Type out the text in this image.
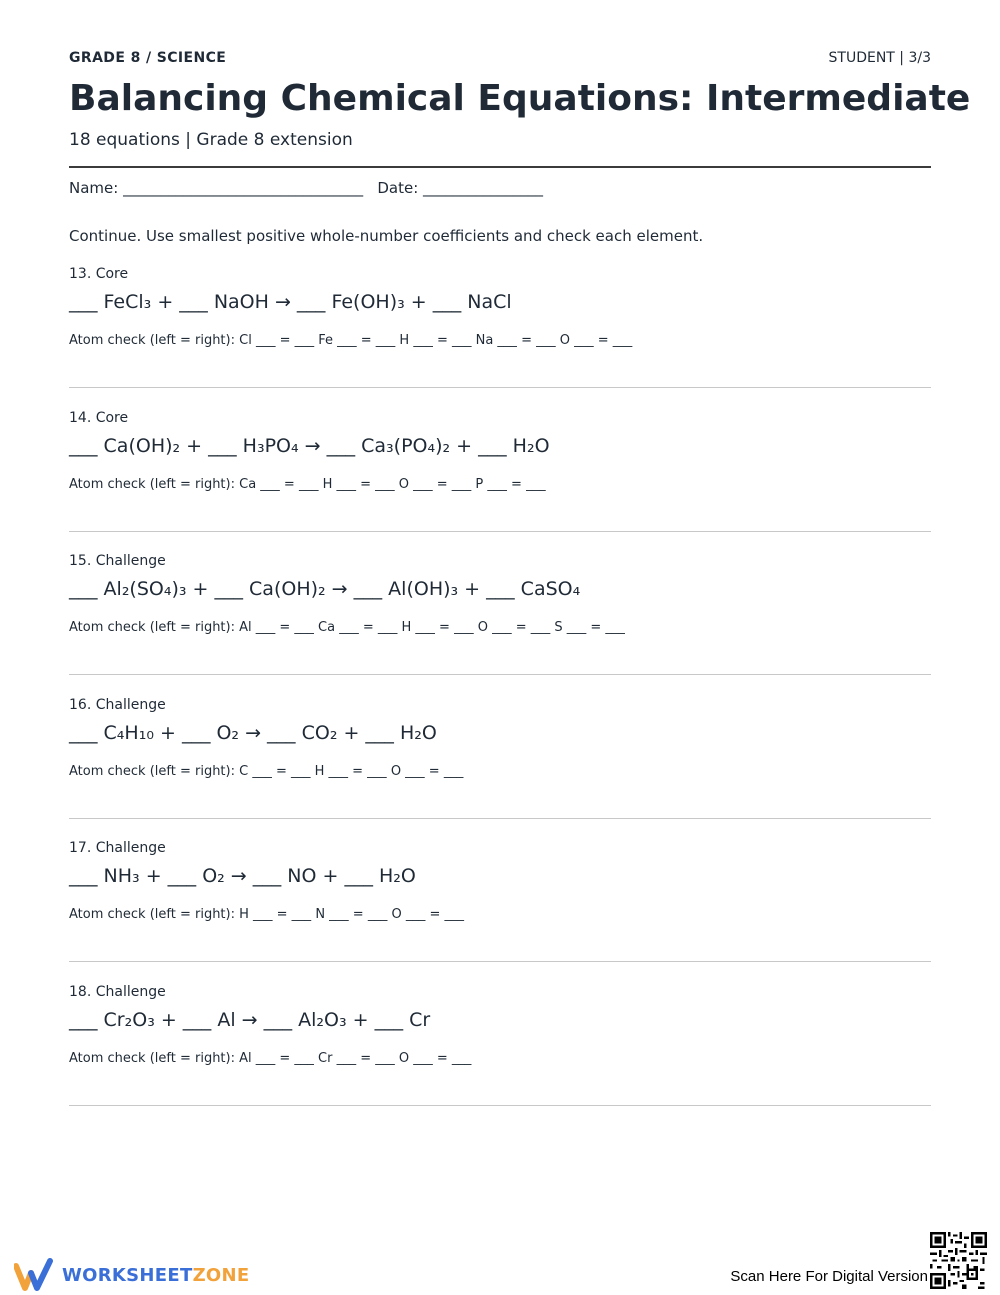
GRADE 8 / SCIENCE	STUDENT | 3/3
Balancing Chemical Equations: Intermediate
18 equations | Grade 8 extension
Name: ________________________________   Date: ________________
Continue. Use smallest positive whole-number coefficients and check each element.
13. Core
___ FeCl₃ + ___ NaOH → ___ Fe(OH)₃ + ___ NaCl
Atom check (left = right): Cl ___ = ___ Fe ___ = ___ H ___ = ___ Na ___ = ___ O ___ = ___
14. Core
___ Ca(OH)₂ + ___ H₃PO₄ → ___ Ca₃(PO₄)₂ + ___ H₂O
Atom check (left = right): Ca ___ = ___ H ___ = ___ O ___ = ___ P ___ = ___
15. Challenge
___ Al₂(SO₄)₃ + ___ Ca(OH)₂ → ___ Al(OH)₃ + ___ CaSO₄
Atom check (left = right): Al ___ = ___ Ca ___ = ___ H ___ = ___ O ___ = ___ S ___ = ___
16. Challenge
___ C₄H₁₀ + ___ O₂ → ___ CO₂ + ___ H₂O
Atom check (left = right): C ___ = ___ H ___ = ___ O ___ = ___
17. Challenge
___ NH₃ + ___ O₂ → ___ NO + ___ H₂O
Atom check (left = right): H ___ = ___ N ___ = ___ O ___ = ___
18. Challenge
___ Cr₂O₃ + ___ Al → ___ Al₂O₃ + ___ Cr
Atom check (left = right): Al ___ = ___ Cr ___ = ___ O ___ = ___
WORKSHEETZONE	Scan Here For Digital Version
